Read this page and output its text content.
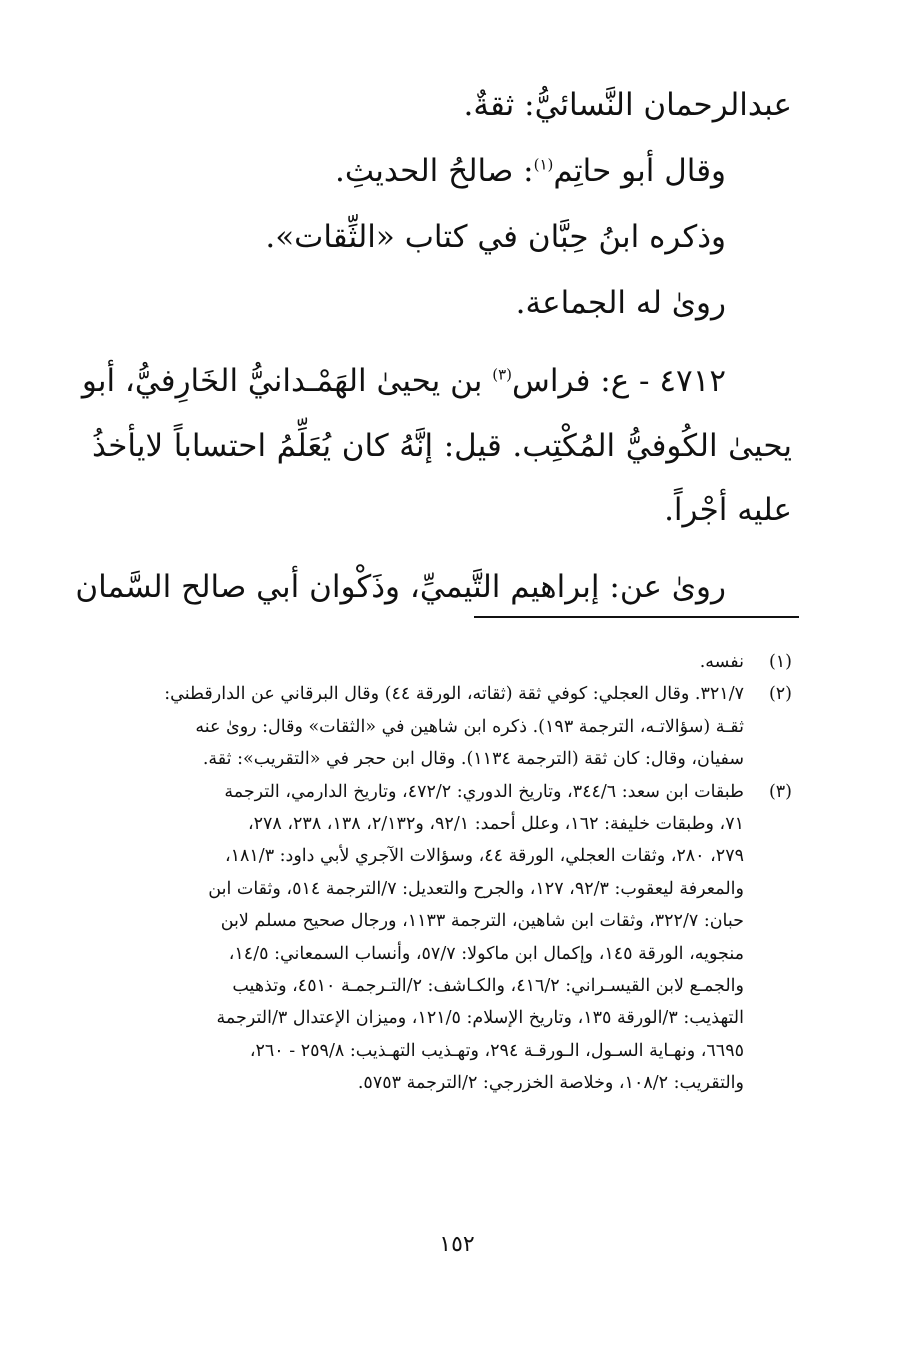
عبدالرحمان النَّسائيُّ: ثقةٌ.

وقال أبو حاتِم$^{(١)}$: صالحُ الحديثِ.

وذكره ابنُ حِبَّان في كتاب «الثِّقات».

رویٰ له الجماعة.

٤٧١٢ - ع: فراس$^{(٣)}$ بن يحيىٰ الهَمْـدانيُّ الخَارِفيُّ، أبو

يحيىٰ الكُوفيُّ المُكْتِب. قيل: إنَّهُ كان يُعَلِّمُ احتساباً لايأخذُ عليه أجْراً.

روىٰ عن: إبراهيم التَّيميِّ، وذَكْوان أبي صالح السَّمان

(١)
نفسه.
(٢)
٣٢١/٧. وقال العجلي: كوفي ثقة (ثقاته، الورقة ٤٤) وقال البرقاني عن الدارقطني:
ثقـة (سؤالاتـه، الترجمة ١٩٣). ذكره ابن شاهين في «الثقات» وقال: روىٰ عنه
سفيان، وقال: كان ثقة (الترجمة ١١٣٤). وقال ابن حجر في «التقريب»: ثقة.
(٣)
طبقات ابن سعد: ٣٤٤/٦، وتاريخ الدوري: ٤٧٢/٢، وتاريخ الدارمي، الترجمة
٧١، وطبقات خليفة: ١٦٢، وعلل أحمد: ٩٢/١، و٢/١٣٢، ١٣٨، ٢٣٨، ٢٧٨،
٢٧٩، ٢٨٠، وثقات العجلي، الورقة ٤٤، وسؤالات الآجري لأبي داود: ١٨١/٣،
والمعرفة ليعقوب: ٩٢/٣، ١٢٧، والجرح والتعديل: ٧/الترجمة ٥١٤، وثقات ابن
حبان: ٣٢٢/٧، وثقات ابن شاهين، الترجمة ١١٣٣، ورجال صحيح مسلم لابن
منجويه، الورقة ١٤٥، وإكمال ابن ماكولا: ٥٧/٧، وأنساب السمعاني: ١٤/٥،
والجمـع لابن القيسـراني: ٤١٦/٢، والكـاشف: ٢/التـرجمـة ٤٥١٠، وتذهيب
التهذيب: ٣/الورقة ١٣٥، وتاريخ الإسلام: ١٢١/٥، وميزان الإعتدال ٣/الترجمة
٦٦٩٥، ونهـاية السـول، الـورقـة ٢٩٤، وتهـذيب التهـذيب: ٢٥٩/٨ - ٢٦٠،
والتقريب: ١٠٨/٢، وخلاصة الخزرجي: ٢/الترجمة ٥٧٥٣.
١٥٢
